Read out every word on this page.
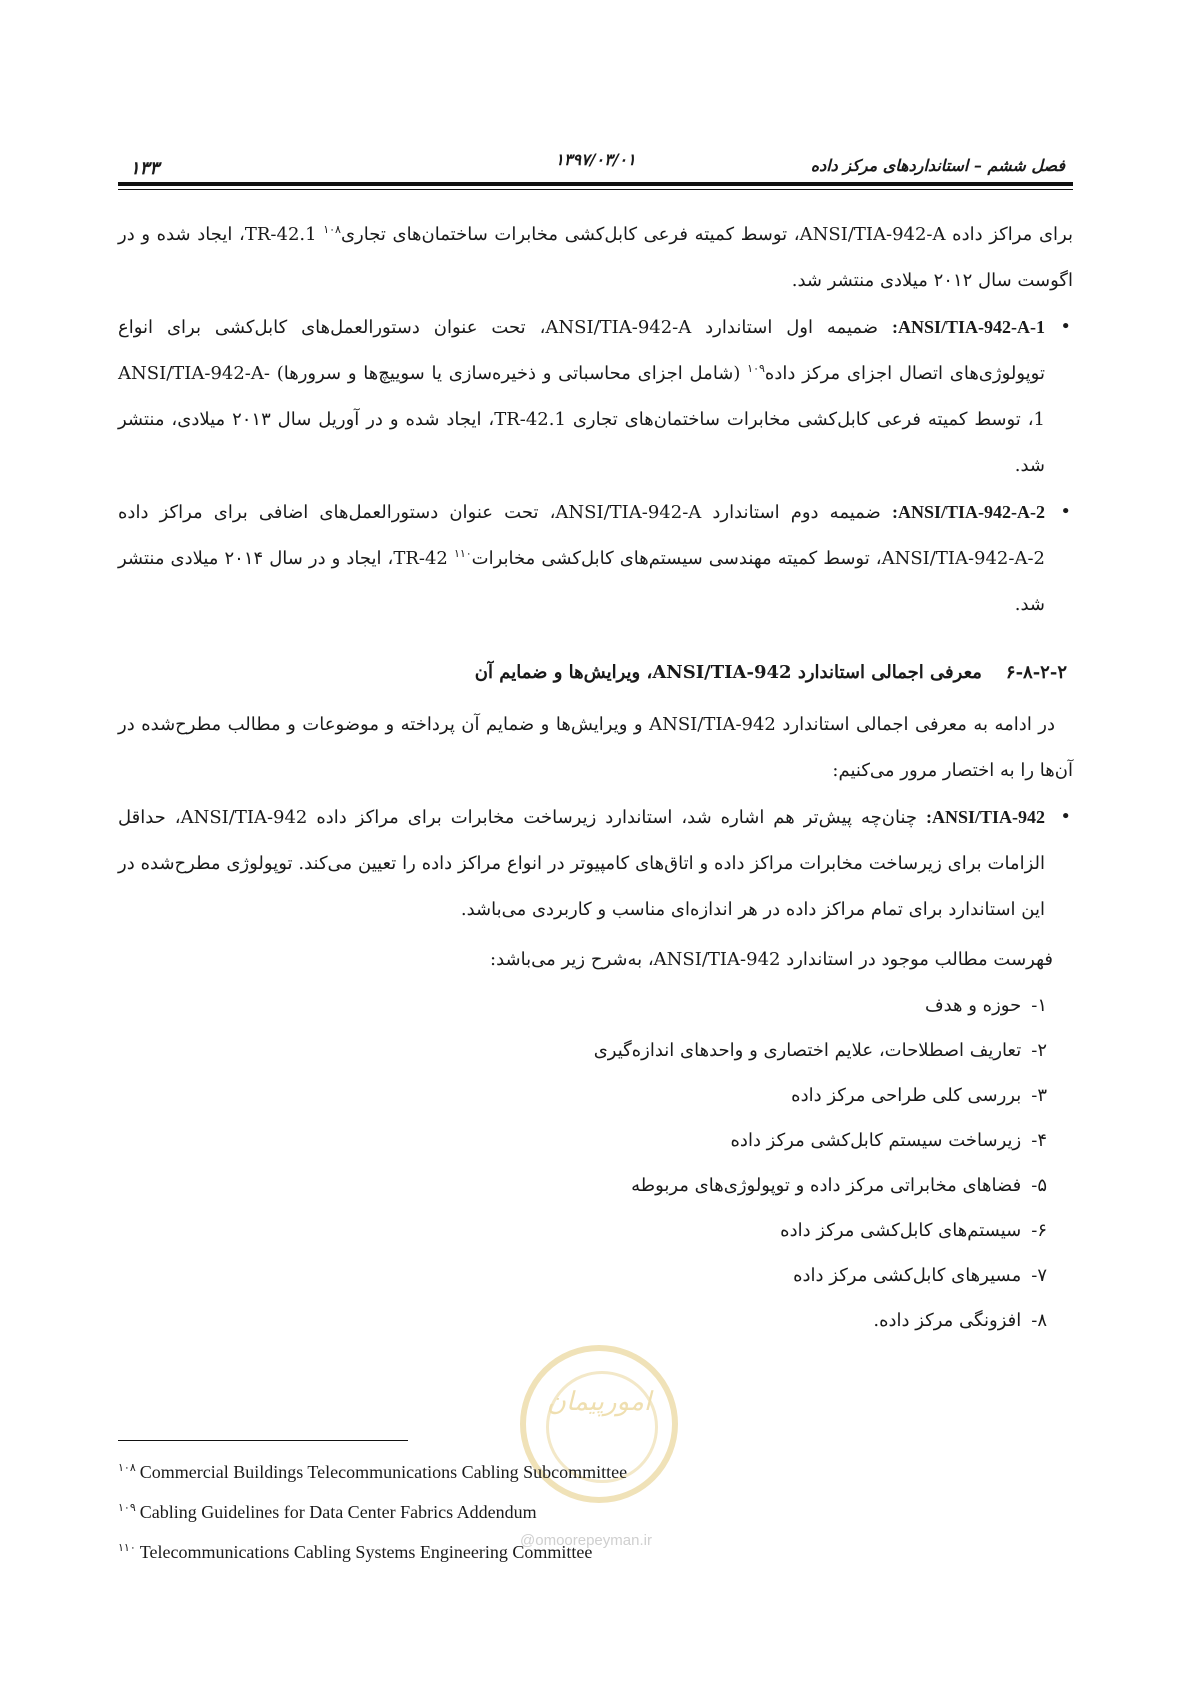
فصل ششم – استانداردهای مرکز داده
۱۳۹۷/۰۳/۰۱
۱۳۳

برای مراکز داده ANSI/TIA-942-A، توسط کمیته فرعی کابل‌کشی مخابرات ساختمان‌های تجاری$^{۱۰۸}$ TR-42.1، ایجاد شده و در اگوست سال ۲۰۱۲ میلادی منتشر شد.

• ANSI/TIA-942-A-1: ضمیمه اول استاندارد ANSI/TIA-942-A، تحت عنوان دستورالعمل‌های کابل‌کشی برای انواع توپولوژی‌های اتصال اجزای مرکز داده$^{۱۰۹}$ (شامل اجزای محاسباتی و ذخیره‌سازی یا سوییچ‌ها و سرورها) ANSI/TIA-942-A-1، توسط کمیته فرعی کابل‌کشی مخابرات ساختمان‌های تجاری TR-42.1، ایجاد شده و در آوریل سال ۲۰۱۳ میلادی، منتشر شد.

• ANSI/TIA-942-A-2: ضمیمه دوم استاندارد ANSI/TIA-942-A، تحت عنوان دستورالعمل‌های اضافی برای مراکز داده ANSI/TIA-942-A-2، توسط کمیته مهندسی سیستم‌های کابل‌کشی مخابرات$^{۱۱۰}$ TR-42، ایجاد و در سال ۲۰۱۴ میلادی منتشر شد.

۶-۸-۲-۲معرفی اجمالی استاندارد ANSI/TIA-942، ویرایش‌ها و ضمایم آن

در ادامه به معرفی اجمالی استاندارد ANSI/TIA-942 و ویرایش‌ها و ضمایم آن پرداخته و موضوعات و مطالب مطرح‌شده در آن‌ها را به اختصار مرور می‌کنیم:

• ANSI/TIA-942: چنان‌چه پیش‌تر هم اشاره شد، استاندارد زیرساخت مخابرات برای مراکز داده ANSI/TIA-942، حداقل الزامات برای زیرساخت مخابرات مراکز داده و اتاق‌های کامپیوتر در انواع مراکز داده را تعیین می‌کند. توپولوژی مطرح‌شده در این استاندارد برای تمام مراکز داده در هر اندازه‌ای مناسب و کاربردی می‌باشد.

فهرست مطالب موجود در استاندارد ANSI/TIA-942، به‌شرح زیر می‌باشد:

۱-حوزه و هدف
۲-تعاریف اصطلاحات، علایم اختصاری و واحدهای اندازه‌گیری
۳-بررسی کلی طراحی مرکز داده
۴-زیرساخت سیستم کابل‌کشی مرکز داده
۵-فضاهای مخابراتی مرکز داده و توپولوژی‌های مربوطه
۶-سیستم‌های کابل‌کشی مرکز داده
۷-مسیرهای کابل‌کشی مرکز داده
۸-افزونگی مرکز داده.
امورپیمان
$^{۱۰۸}$ Commercial Buildings Telecommunications Cabling Subcommittee
$^{۱۰۹}$ Cabling Guidelines for Data Center Fabrics Addendum
$^{۱۱۰}$ Telecommunications Cabling Systems Engineering Committee
@omoorepeyman.ir
